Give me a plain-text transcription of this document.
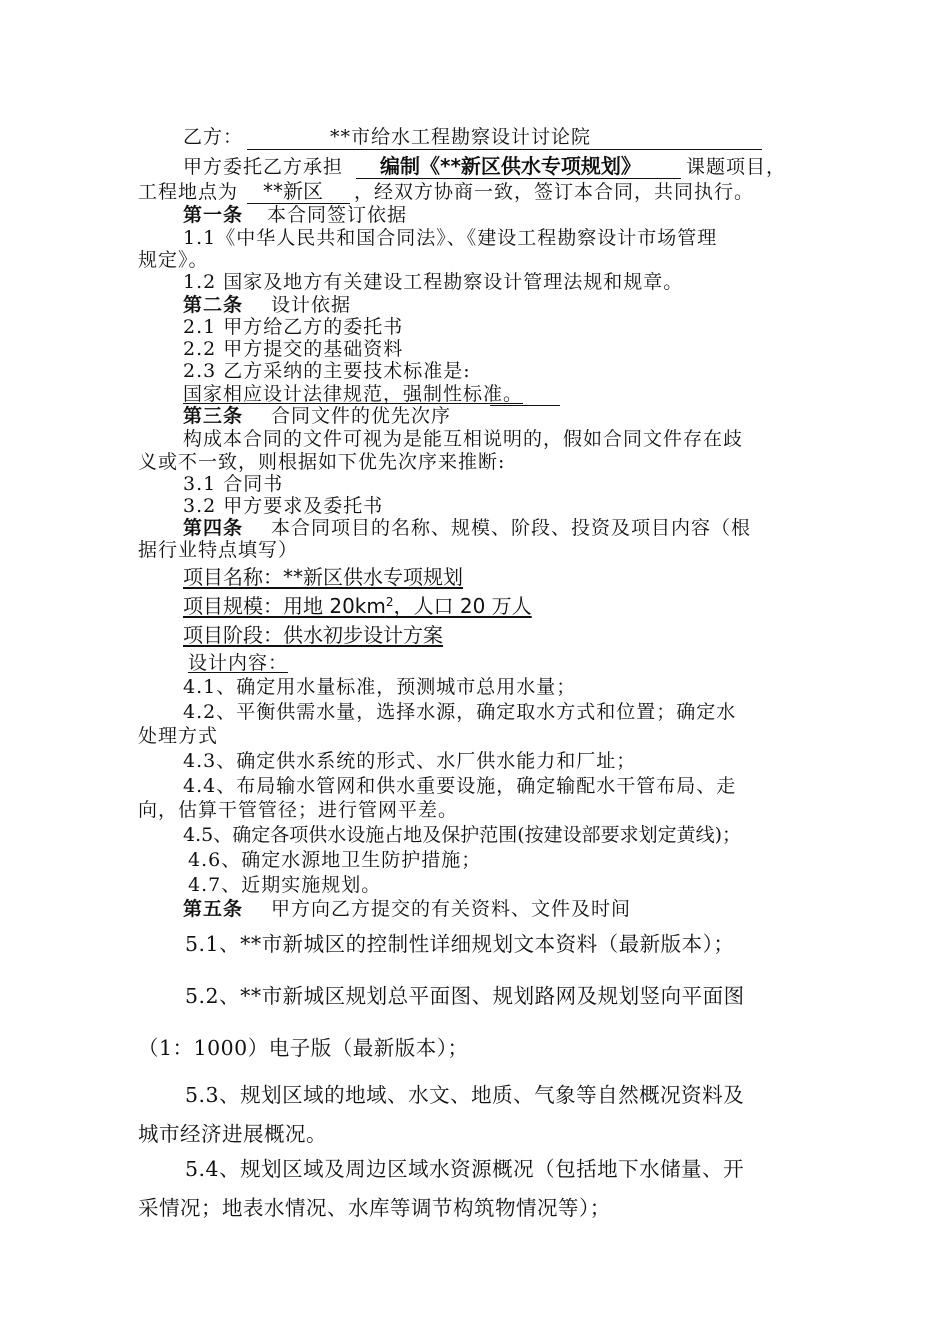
乙方：	**市给水工程勘察设计讨论院
甲方委托乙方承担 编制《**新区供水专项规划》 课题项目，
工程地点为 **新区 ，经双方协商一致，签订本合同，共同执行。
第一条 本合同签订依据
1.1《中华人民共和国合同法》、《建设工程勘察设计市场管理
规定》。
1.2 国家及地方有关建设工程勘察设计管理法规和规章。
第二条 设计依据
2.1 甲方给乙方的委托书
2.2 甲方提交的基础资料
2.3 乙方采纳的主要技术标准是:
国家相应设计法律规范，强制性标准。
第三条 合同文件的优先次序
构成本合同的文件可视为是能互相说明的，假如合同文件存在歧
义或不一致，则根据如下优先次序来推断:
3.1 合同书
3.2 甲方要求及委托书
第四条 本合同项目的名称、规模、阶段、投资及项目内容（根
据行业特点填写）
项目名称：**新区供水专项规划
项目规模：用地 $20km^2$，人口 20 万人
项目阶段：供水初步设计方案
设计内容：
4.1、确定用水量标准，预测城市总用水量；
4.2、平衡供需水量，选择水源，确定取水方式和位置；确定水
处理方式
4.3、确定供水系统的形式、水厂供水能力和厂址；
4.4、布局输水管网和供水重要设施，确定输配水干管布局、走
向，估算干管管径；进行管网平差。
4.5、确定各项供水设施占地及保护范围(按建设部要求划定黄线)；
4.6、确定水源地卫生防护措施；
4.7、近期实施规划。
第五条 甲方向乙方提交的有关资料、文件及时间
5.1、**市新城区的控制性详细规划文本资料（最新版本）；
5.2、**市新城区规划总平面图、规划路网及规划竖向平面图
（1：1000）电子版（最新版本）；
5.3、规划区域的地域、水文、地质、气象等自然概况资料及
城市经济进展概况。
5.4、规划区域及周边区域水资源概况（包括地下水储量、开
采情况；地表水情况、水库等调节构筑物情况等）；
